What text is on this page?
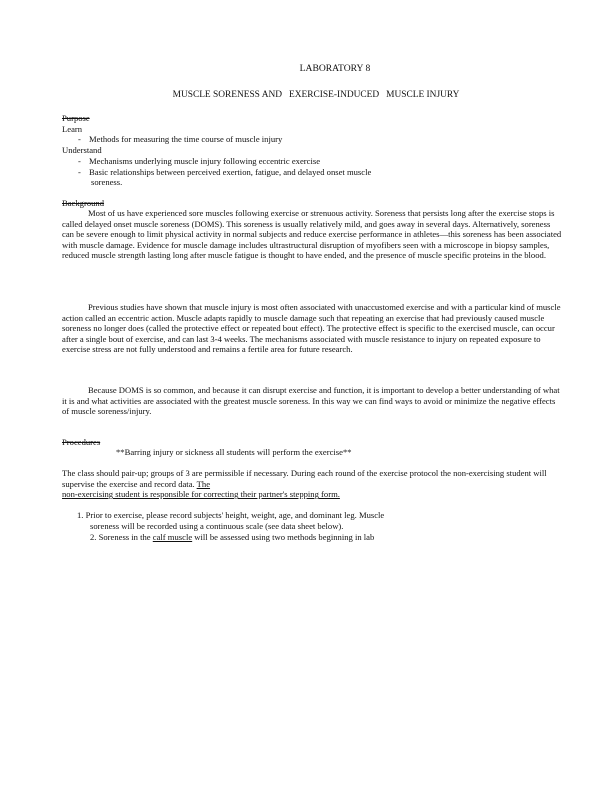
LABORATORY 8
MUSCLE SORENESS AND   EXERCISE-INDUCED   MUSCLE INJURY
Purpose
Learn
- Methods for measuring the time course of muscle injury
Understand
- Mechanisms underlying muscle injury following eccentric exercise
- Basic relationships between perceived exertion, fatigue, and delayed onset muscle
soreness.
Background

Most of us have experienced sore muscles following exercise or strenuous activity. Soreness that persists long after the exercise stops is called delayed onset muscle soreness (DOMS). This soreness is usually relatively mild, and goes away in several days. Alternatively, soreness can be severe enough to limit physical activity in normal subjects and reduce exercise performance in athletes—this soreness has been associated with muscle damage. Evidence for muscle damage includes ultrastructural disruption of myofibers seen with a microscope in biopsy samples, reduced muscle strength lasting long after muscle fatigue is thought to have ended, and the presence of muscle specific proteins in the blood.

Previous studies have shown that muscle injury is most often associated with unaccustomed exercise and with a particular kind of muscle action called an eccentric action. Muscle adapts rapidly to muscle damage such that repeating an exercise that had previously caused muscle soreness no longer does (called the protective effect or repeated bout effect). The protective effect is specific to the exercised muscle, can occur after a single bout of exercise, and can last 3-4 weeks. The mechanisms associated with muscle resistance to injury on repeated exposure to exercise stress are not fully understood and remains a fertile area for future research.

Because DOMS is so common, and because it can disrupt exercise and function, it is important to develop a better understanding of what it is and what activities are associated with the greatest muscle soreness. In this way we can find ways to avoid or minimize the negative effects of muscle soreness/injury.

Procedures
**Barring injury or sickness all students will perform the exercise**

The class should pair-up; groups of 3 are permissible if necessary. During each round of the exercise protocol the non-exercising student will supervise the exercise and record data. The
non-exercising student is responsible for correcting their partner's stepping form.

1. Prior to exercise, please record subjects' height, weight, age, and dominant leg. Muscle
soreness will be recorded using a continuous scale (see data sheet below).
2. Soreness in the calf muscle will be assessed using two methods beginning in lab
